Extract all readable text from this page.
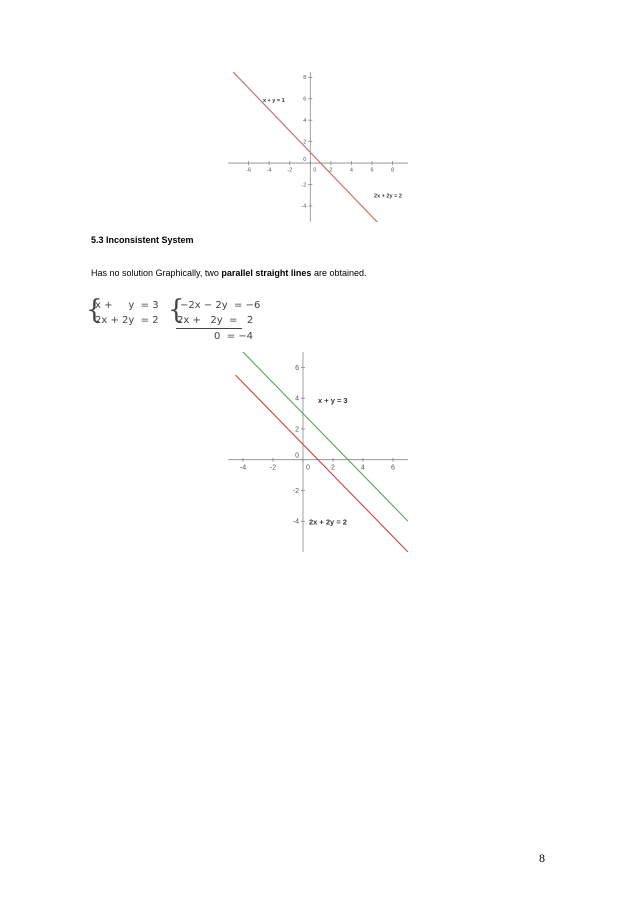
-6	-4	-2	0 2	4	6	8
8
6
4
2
0
-2
-4
x + y = 1
2x + 2y = 2
5.3 Inconsistent System
Has no solution Graphically, two parallel straight lines are obtained.
{
x +     y  = 3
2x + 2y  = 2 {
−2x − 2y  = −6
2x +   2y  =   2
0  = −4
-4	-2	0	2	4	6
6
4
2
0
-2
-4
x + y = 3
2x + 2y = 2
8
